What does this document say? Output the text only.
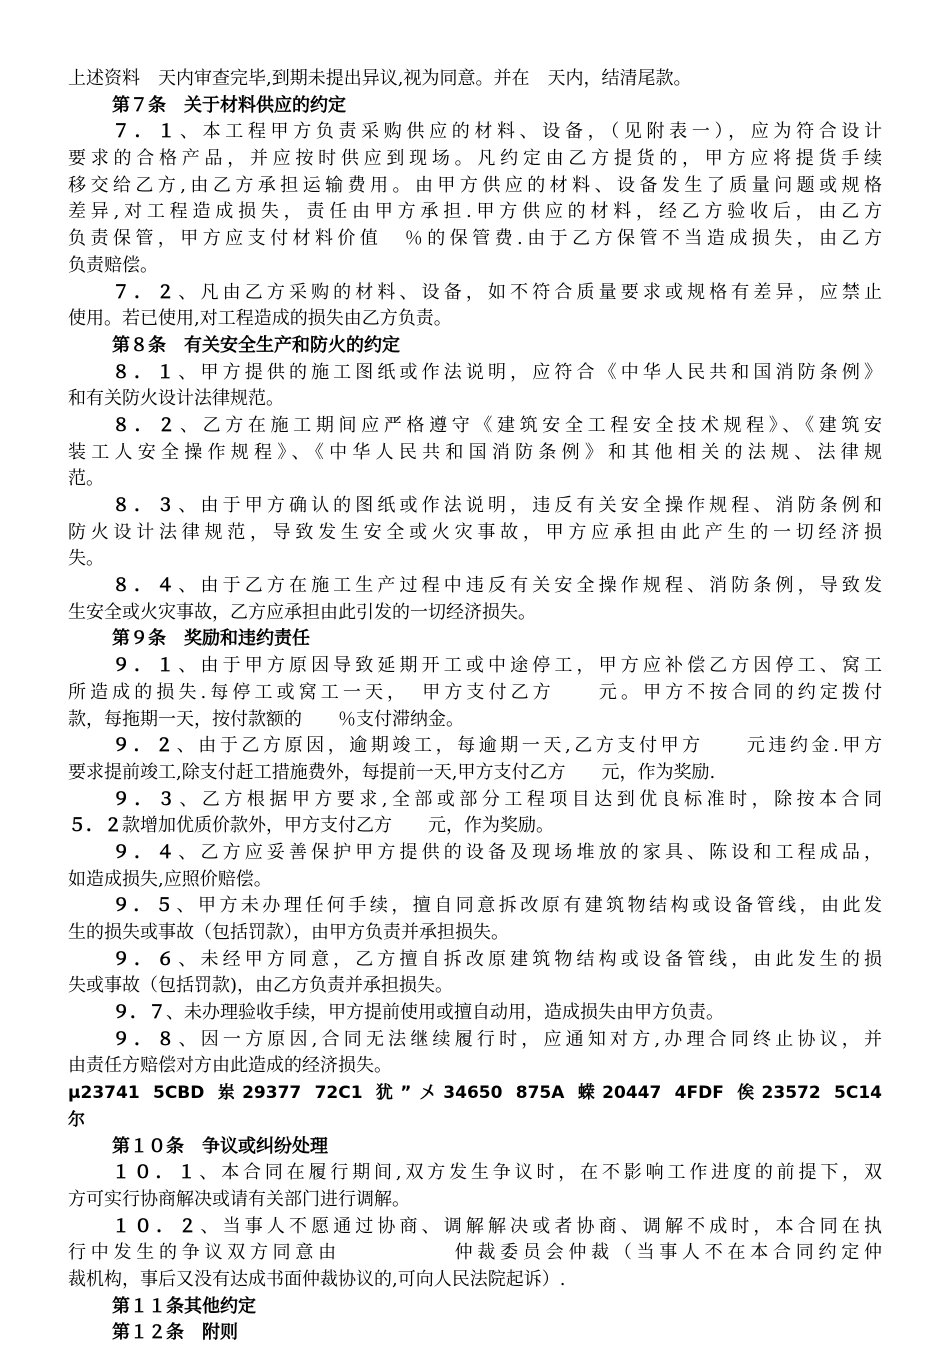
上述资料　天内审查完毕,到期未提出异议,视为同意。并在　天内，结清尾款。
第７条　关于材料供应的约定
７．１、本工程甲方负责采购供应的材料、设备，（见附表一），应为符合设计
要求的合格产品，并应按时供应到现场。凡约定由乙方提货的，甲方应将提货手续
移交给乙方,由乙方承担运输费用。由甲方供应的材料、设备发生了质量问题或规格
差异,对工程造成损失，责任由甲方承担.甲方供应的材料，经乙方验收后，由乙方
负责保管，甲方应支付材料价值　％的保管费.由于乙方保管不当造成损失，由乙方
负责赔偿。
７．２、凡由乙方采购的材料、设备，如不符合质量要求或规格有差异，应禁止
使用。若已使用,对工程造成的损失由乙方负责。
第８条　有关安全生产和防火的约定
８．１、甲方提供的施工图纸或作法说明，应符合《中华人民共和国消防条例》
和有关防火设计法律规范。
８．２、乙方在施工期间应严格遵守《建筑安全工程安全技术规程》、《建筑安
装工人安全操作规程》、《中华人民共和国消防条例》和其他相关的法规、法律规
范。
８．３、由于甲方确认的图纸或作法说明，违反有关安全操作规程、消防条例和
防火设计法律规范，导致发生安全或火灾事故，甲方应承担由此产生的一切经济损
失。
８．４、由于乙方在施工生产过程中违反有关安全操作规程、消防条例，导致发
生安全或火灾事故，乙方应承担由此引发的一切经济损失。
第９条　奖励和违约责任
９．１、由于甲方原因导致延期开工或中途停工，甲方应补偿乙方因停工、窝工
所造成的损失.每停工或窝工一天，　甲方支付乙方　　元。甲方不按合同的约定拨付
款，每拖期一天，按付款额的　　％支付滞纳金。
９．２、由于乙方原因，逾期竣工，每逾期一天,乙方支付甲方　　元违约金.甲方
要求提前竣工,除支付赶工措施费外，每提前一天,甲方支付乙方　　元，作为奖励.
９．３、乙方根据甲方要求,全部或部分工程项目达到优良标准时，除按本合同
５．２款增加优质价款外，甲方支付乙方　　元，作为奖励。
９．４、乙方应妥善保护甲方提供的设备及现场堆放的家具、陈设和工程成品，
如造成损失,应照价赔偿。
９．５、甲方未办理任何手续，擅自同意拆改原有建筑物结构或设备管线，由此发
生的损失或事故（包括罚款），由甲方负责并承担损失。
９．６、未经甲方同意，乙方擅自拆改原建筑物结构或设备管线，由此发生的损
失或事故（包括罚款)，由乙方负责并承担损失。
９．７、未办理验收手续，甲方提前使用或擅自动用，造成损失由甲方负责。
９．８、因一方原因,合同无法继续履行时，应通知对方,办理合同终止协议，并
由责任方赔偿对方由此造成的经济损失。
µ23741 5CBD 岽29377 72C1 犹”〤34650 875A 蝾20447 4FDF 俟23572 5C14
尔
第１０条　争议或纠纷处理
１０．１、本合同在履行期间,双方发生争议时，在不影响工作进度的前提下，双
方可实行协商解决或请有关部门进行调解。
１０．２、当事人不愿通过协商、调解解决或者协商、调解不成时，本合同在执
行中发生的争议双方同意由　　　　　仲裁委员会仲裁（当事人不在本合同约定仲
裁机构，事后又没有达成书面仲裁协议的,可向人民法院起诉）.
第１１条其他约定
第１２条　附则
